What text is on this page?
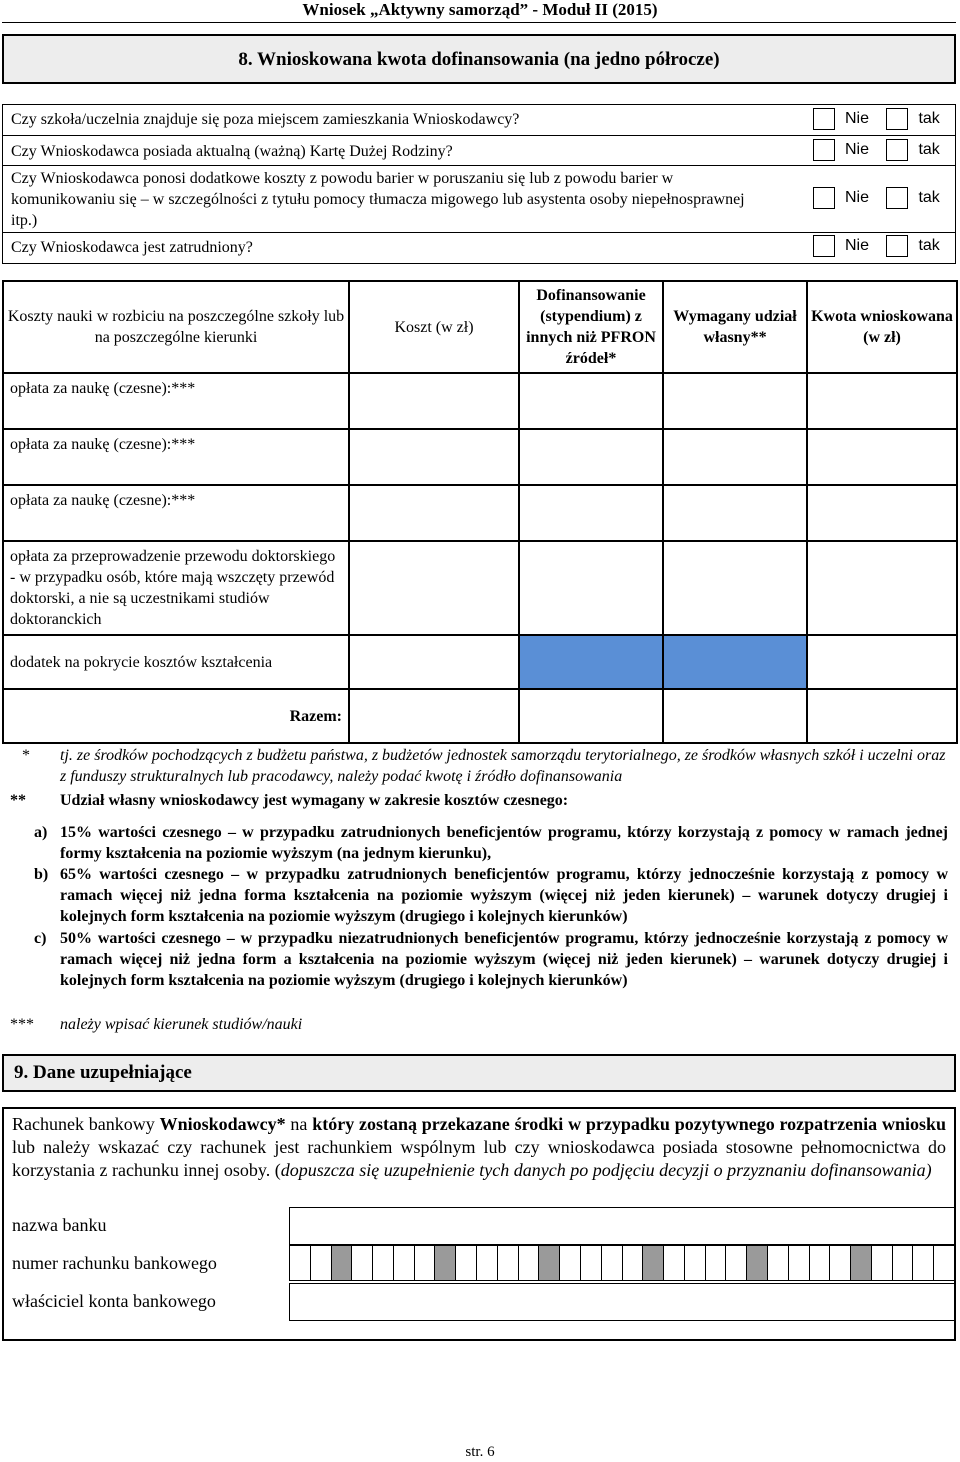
Wniosek „Aktywny samorząd” - Moduł II (2015)
8. Wnioskowana kwota dofinansowania (na jedno półrocze)
Czy szkoła/uczelnia znajduje się poza miejscem zamieszkania Wnioskodawcy?	Nie	tak
Czy Wnioskodawca posiada aktualną (ważną) Kartę Dużej Rodziny?	Nie	tak
Czy Wnioskodawca ponosi dodatkowe koszty z powodu barier w poruszaniu się lub z powodu barier w komunikowaniu się – w szczególności z tytułu pomocy tłumacza migowego lub asystenta osoby niepełnosprawnej itp.)
Nie	tak
Czy Wnioskodawca jest zatrudniony?	Nie	tak
Koszty nauki w rozbiciu na poszczególne szkoły lub na poszczególne kierunki	Koszt (w zł)	Dofinansowanie (stypendium) z innych niż PFRON źródeł*	Wymagany udział własny**	Kwota wnioskowana (w zł)
opłata za naukę (czesne):***				
opłata za naukę (czesne):***				
opłata za naukę (czesne):***				
opłata za przeprowadzenie przewodu doktorskiego - w przypadku osób, które mają wszczęty przewód doktorski, a nie są uczestnikami studiów doktoranckich				
dodatek na pokrycie kosztów kształcenia				
Razem:				
* tj. ze środków pochodzących z budżetu państwa, z budżetów jednostek samorządu terytorialnego, ze środków własnych szkół i uczelni oraz z funduszy strukturalnych lub pracodawcy, należy podać kwotę i źródło dofinansowania
** Udział własny wnioskodawcy jest wymagany w zakresie kosztów czesnego:
a) 15% wartości czesnego – w przypadku zatrudnionych beneficjentów programu, którzy korzystają z pomocy w ramach jednej formy kształcenia na poziomie wyższym (na jednym kierunku),
b) 65% wartości czesnego – w przypadku zatrudnionych beneficjentów programu, którzy jednocześnie korzystają z pomocy w ramach więcej niż jedna forma kształcenia na poziomie wyższym (więcej niż jeden kierunek) – warunek dotyczy drugiej i kolejnych form kształcenia na poziomie wyższym (drugiego i kolejnych kierunków)
c) 50% wartości czesnego – w przypadku niezatrudnionych beneficjentów programu, którzy jednocześnie korzystają z pomocy w ramach więcej niż jedna form a kształcenia na poziomie wyższym (więcej niż jeden kierunek) – warunek dotyczy drugiej i kolejnych form kształcenia na poziomie wyższym (drugiego i kolejnych kierunków)
*** należy wpisać kierunek studiów/nauki
9. Dane uzupełniające
Rachunek bankowy Wnioskodawcy* na który zostaną przekazane środki w przypadku pozytywnego rozpatrzenia wniosku lub należy wskazać czy rachunek jest rachunkiem wspólnym lub czy wnioskodawca posiada stosowne pełnomocnictwa do korzystania z rachunku innej osoby. (dopuszcza się uzupełnienie tych danych po podjęciu decyzji o przyznaniu dofinansowania)
nazwa banku
numer rachunku bankowego
właściciel konta bankowego
str. 6
